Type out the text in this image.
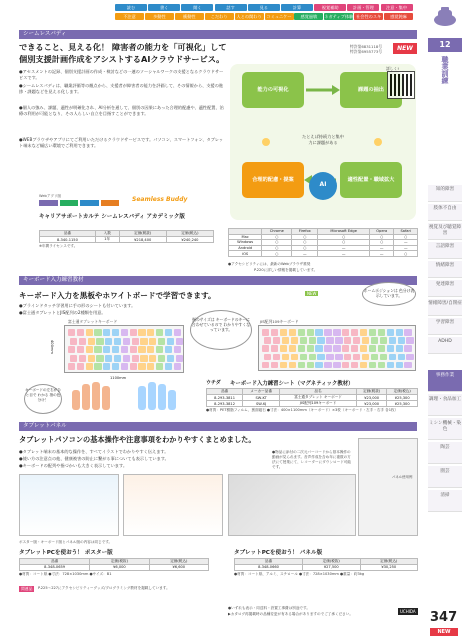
読む	書く	聞く	話す	見る	計算	視覚補助	計画・管理	注意・集中
不注意	多動性	衝動性	こだわり	人との関わり	コミュニケーション
感覚過敏	ネガティブ体験 社会性のスキル
感覚鈍麻
12
職業訓練
知的障害
肢体不自由
視覚及び聴覚障害
言語障害
情緒障害
発達障害
情緒障害/自閉症
学習障害
ADHD
事務作業
調理・食品加工
ミシン機械・染色
陶芸
園芸
清掃
シームレスパディ
できること、見える化！ 障害者の能力を「可視化」して
個別支援計画作成をアシストするAIクラウドサービス。
特許第6831118号
特許第6955773号	NEW
●アセスメントの記録、個別支援計画の作成・検討などの一連のソーシャルワークの支援となるクラウドサービスです。
●シームレスパディは、職業評価等の観点から、支援者が障害者の能力を評価して、その情報から、支援の進捗・課題などを見える化します。
●個人の強み、課題、適性が明確化され、AI分析を通して、個別の因果にあった合理的配慮や、適性配置、治療の利用が可能となり、その人らしい自立を目指すことができます。
●WEBブラウザやアプリにてご利用いただけるクラウドサービスです。パソコン、スマートフォン、タブレット端末など幅広い環境でご利用できます。
能力の可視化	課題の抽出
合理的配慮・提案	適性配置・職域拡大
たとえば持続力と集中力に課題がある
AI
詳しく!
Webアプリ版	Seamless Buddy
キャリアサポートカルテ シームレスバディ アカデミック版
品番	入数	定価(税抜)	定価(税込)
8-340-1150	1年	¥218,400	¥240,240
※年間ライセンスです。
	Chrome	Firefox	Microsoft Edge	Opera	Safari
Mac	○	○	○	○	○
Windows	○	○	○	○	—
Android	○	○	—	—	—
iOS	○	—	—	—	○
●アクセシビリティには、最新のWebブラウザ推奨
P.220に詳しい情報を掲載しています。
キーボード入力練習教材
キーボード入力を黒板やホワイトボードで学習できます。	NEW
●ブラインドタッチ学習用に手の形のシートも付いています。
●富士通タブレットとJIS配列の2種類を用意。
富士通タブレットキーボード
400mm
1100mm
指のサイズは キーボードのキーに 合わせているので わかりやすくなっています。
ホームポジションは 色分け表示しています。
キーボードの左右がひと目で わかる 指の色分け！
JIS配列109キーボード
ウチダ キーボード入力練習シート（マグネティック教材）
品番	メーカー品番	品名	定価(税抜)	定価(税込)
8-293-3811	SW-KT	富士通タブレット キーボード	¥23,000	¥25,300
8-293-3812	SW-KJ	JIS配列109キーボード	¥23,000	¥25,300
●材質：PET樹脂フィルム、裏面磁石 ●寸法：400×1100mm（キーボード）×3枚（キーボード・左手・右手 各1枚）
タブレットパネル
タブレットパソコンの基本操作や注意事項をわかりやすくまとめました。
●タブレット端末の基本的な操作を、すべてイラストでわかりやすく伝えます。
●使い方の注意点の他、健康被害の防止に繋がる事についても表示しています。
●キーボードの配列や指づかいも大きく表示しています。
●物品に添付の二次元バーコードから基本操作の動画が見られます。音声作成を含め年に複数の方法にて授業にて、レコーダーにダウンロード可能です。
パネル使用例
ポスター版・キーボード版とパネル版の内容は同じです。
タブレットPCを使おう！ ポスター版
品番	定価(税抜)	定価(税込)
8-348-0659	¥6,000	¥6,600
●材質：コート紙 ●寸法：728×1030mm ●サイズ：B1
タブレットPCを使おう！ パネル版
品番	定価(税抜)	定価(税込)
8-348-0660	¥27,500	¥30,250
●材質：コート紙、アルミ、スチロール ●寸法：728×1030mm ●重量：約3kg
関連品	P.225～227にアクセシビリティーグッズ/プログラミング教材を掲載しています。
●いずれも表示・同送料・設置工事費は別途です。
▶カタログ再掲載時の品種変更が有ある場合がありますのでご了承ください。	UCHIDA 347
NEW
